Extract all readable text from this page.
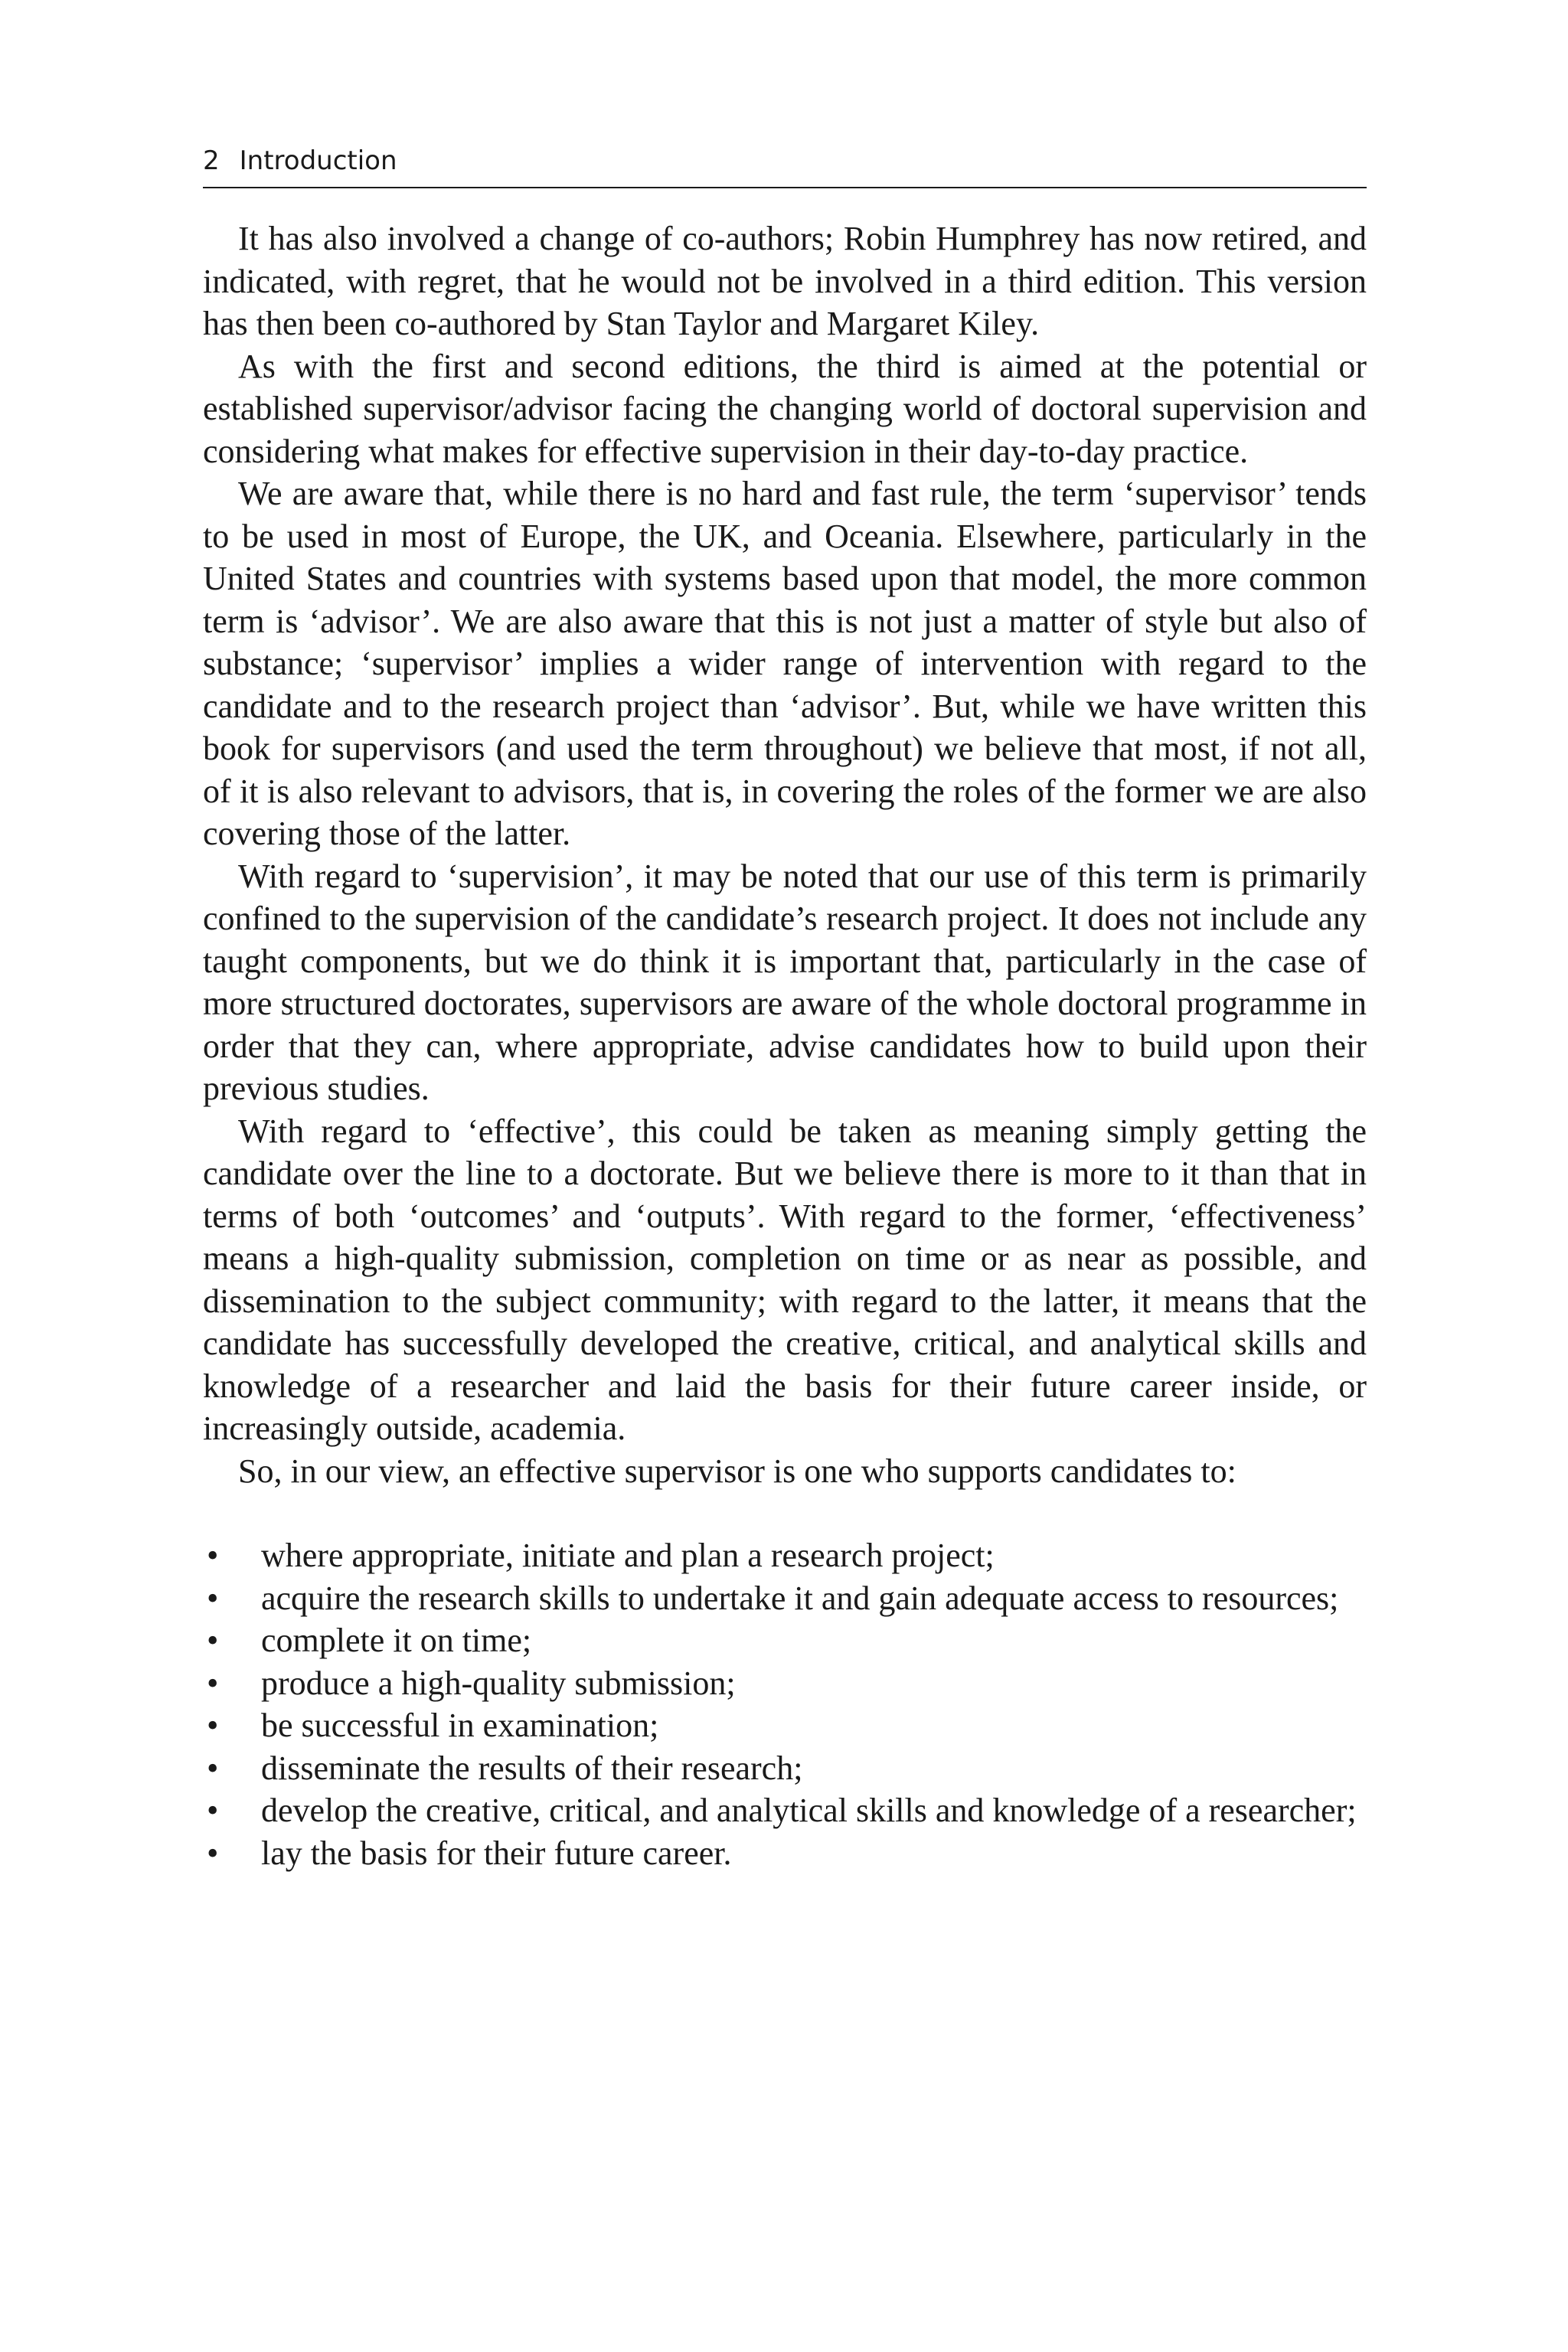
2 Introduction

It has also involved a change of co-authors; Robin Humphrey has now retired, and indicated, with regret, that he would not be involved in a third edition. This version has then been co-authored by Stan Taylor and Margaret Kiley.

As with the first and second editions, the third is aimed at the potential or established supervisor/advisor facing the changing world of doctoral supervision and considering what makes for effective supervision in their day-to-day practice.

We are aware that, while there is no hard and fast rule, the term ‘supervisor’ tends to be used in most of Europe, the UK, and Oceania. Elsewhere, particularly in the United States and countries with systems based upon that model, the more common term is ‘advisor’. We are also aware that this is not just a matter of style but also of substance; ‘supervisor’ implies a wider range of intervention with regard to the candidate and to the research project than ‘advisor’. But, while we have written this book for supervisors (and used the term throughout) we believe that most, if not all, of it is also relevant to advisors, that is, in covering the roles of the former we are also covering those of the latter.

With regard to ‘supervision’, it may be noted that our use of this term is primarily confined to the supervision of the candidate’s research project. It does not include any taught components, but we do think it is important that, particularly in the case of more structured doctorates, supervisors are aware of the whole doctoral programme in order that they can, where appropriate, advise candidates how to build upon their previous studies.

With regard to ‘effective’, this could be taken as meaning simply getting the candidate over the line to a doctorate. But we believe there is more to it than that in terms of both ‘outcomes’ and ‘outputs’. With regard to the former, ‘effectiveness’ means a high-quality submission, completion on time or as near as possible, and dissemination to the subject community; with regard to the latter, it means that the candidate has successfully developed the creative, critical, and analytical skills and knowledge of a researcher and laid the basis for their future career inside, or increasingly outside, academia.

So, in our view, an effective supervisor is one who supports candidates to:

• where appropriate, initiate and plan a research project;
• acquire the research skills to undertake it and gain adequate access to resources;
• complete it on time;
• produce a high-quality submission;
• be successful in examination;
• disseminate the results of their research;
• develop the creative, critical, and analytical skills and knowledge of a researcher;
• lay the basis for their future career.
